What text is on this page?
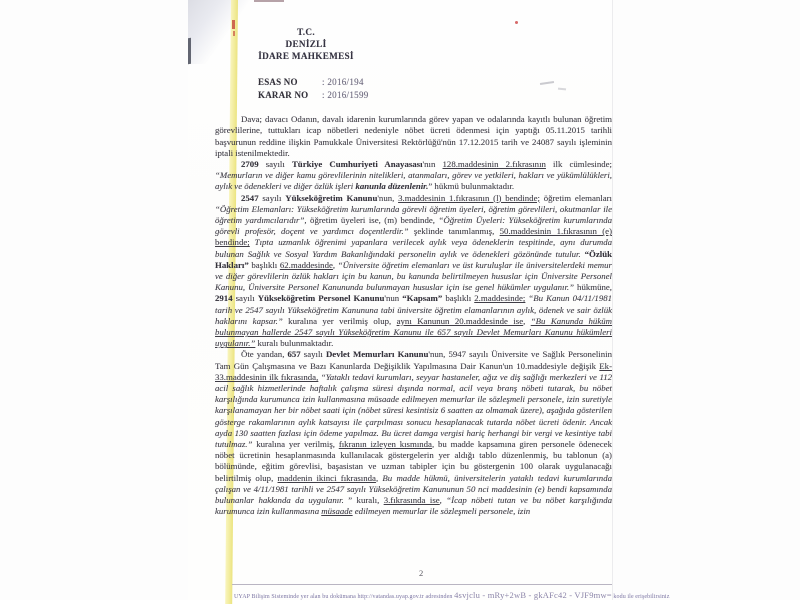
T.C.
DENİZLİ
İDARE MAHKEMESİ
ESAS NO	: 2016/194
KARAR NO : 2016/1599

Dava; davacı Odanın, davalı idarenin kurumlarında görev yapan ve odalarında kayıtlı bulunan öğretim görevlilerine, tuttukları icap nöbetleri nedeniyle nöbet ücreti ödenmesi için yaptığı 05.11.2015 tarihli başvurunun reddine ilişkin Pamukkale Üniversitesi Rektörlüğü'nün 17.12.2015 tarih ve 24087 sayılı işleminin iptali istenilmektedir.

2709 sayılı Türkiye Cumhuriyeti Anayasası'nın 128.maddesinin 2.fıkrasının ilk cümlesinde; “Memurların ve diğer kamu görevlilerinin nitelikleri, atanmaları, görev ve yetkileri, hakları ve yükümlülükleri, aylık ve ödenekleri ve diğer özlük işleri kanunla düzenlenir.” hükmü bulunmaktadır.

2547 sayılı Yükseköğretim Kanunu'nun, 3.maddesinin 1.fıkrasının (l) bendinde; öğretim elemanları “Öğretim Elemanları: Yükseköğretim kurumlarında görevli öğretim üyeleri, öğretim görevlileri, okutmanlar ile öğretim yardımcılarıdır”, öğretim üyeleri ise, (m) bendinde, “Öğretim Üyeleri: Yükseköğretim kurumlarında görevli profesör, doçent ve yardımcı doçentlerdir.” şeklinde tanımlanmış, 50.maddesinin 1.fıkrasının (e) bendinde; Tıpta uzmanlık öğrenimi yapanlara verilecek aylık veya ödeneklerin tespitinde, aynı durumda bulunan Sağlık ve Sosyal Yardım Bakanlığındaki personelin aylık ve ödenekleri gözönünde tutulur. “Özlük Hakları” başlıklı 62.maddesinde, “Üniversite öğretim elemanları ve üst kuruluşlar ile üniversitelerdeki memur ve diğer görevlilerin özlük hakları için bu kanun, bu kanunda belirtilmeyen hususlar için Üniversite Personel Kanunu, Üniversite Personel Kanununda bulunmayan hususlar için ise genel hükümler uygulanır.” hükmüne, 2914 sayılı Yükseköğretim Personel Kanunu'nun “Kapsam” başlıklı 2.maddesinde; “Bu Kanun 04/11/1981 tarih ve 2547 sayılı Yükseköğretim Kanununa tabi üniversite öğretim elamanlarının aylık, ödenek ve sair özlük haklarını kapsar.” kuralına yer verilmiş olup, aynı Kanunun 20.maddesinde ise, “Bu Kanunda hüküm bulunmayan hallerde 2547 sayılı Yükseköğretim Kanunu ile 657 sayılı Devlet Memurları Kanunu hükümleri uygulanır.” kuralı bulunmaktadır.

Öte yandan, 657 sayılı Devlet Memurları Kanunu'nun, 5947 sayılı Üniversite ve Sağlık Personelinin Tam Gün Çalışmasına ve Bazı Kanunlarda Değişiklik Yapılmasına Dair Kanun'un 10.maddesiyle değişik Ek-33.maddesinin ilk fıkrasında, “Yataklı tedavi kurumları, seyyar hastaneler, ağız ve diş sağlığı merkezleri ve 112 acil sağlık hizmetlerinde haftalık çalışma süresi dışında normal, acil veya branş nöbeti tutarak, bu nöbet karşılığında kurumunca izin kullanmasına müsaade edilmeyen memurlar ile sözleşmeli personele, izin suretiyle karşılanamayan her bir nöbet saati için (nöbet süresi kesintisiz 6 saatten az olmamak üzere), aşağıda gösterilen gösterge rakamlarının aylık katsayısı ile çarpılması sonucu hesaplanacak tutarda nöbet ücreti ödenir. Ancak ayda 130 saatten fazlası için ödeme yapılmaz. Bu ücret damga vergisi hariç herhangi bir vergi ve kesintiye tabi tutulmaz.” kuralına yer verilmiş, fıkranın izleyen kısmında, bu madde kapsamına giren personele ödenecek nöbet ücretinin hesaplanmasında kullanılacak göstergelerin yer aldığı tablo düzenlenmiş, bu tablonun (a) bölümünde, eğitim görevlisi, başasistan ve uzman tabipler için bu göstergenin 100 olarak uygulanacağı belirtilmiş olup, maddenin ikinci fıkrasında, Bu madde hükmü, üniversitelerin yataklı tedavi kurumlarında çalışan ve 4/11/1981 tarihli ve 2547 sayılı Yükseköğretim Kanununun 50 nci maddesinin (e) bendi kapsamında bulunanlar hakkında da uygulanır. ” kuralı, 3.fıkrasında ise, “İcap nöbeti tutan ve bu nöbet karşılığında kurumunca izin kullanmasına müsaade edilmeyen memurlar ile sözleşmeli personele, izin

2
UYAP Bilişim Sisteminde yer alan bu dokümana http://vatandas.uyap.gov.tr adresinden 4svjclu - mRy+2wB - gkAFc42 - VJF9mw= kodu ile erişebilirsiniz
